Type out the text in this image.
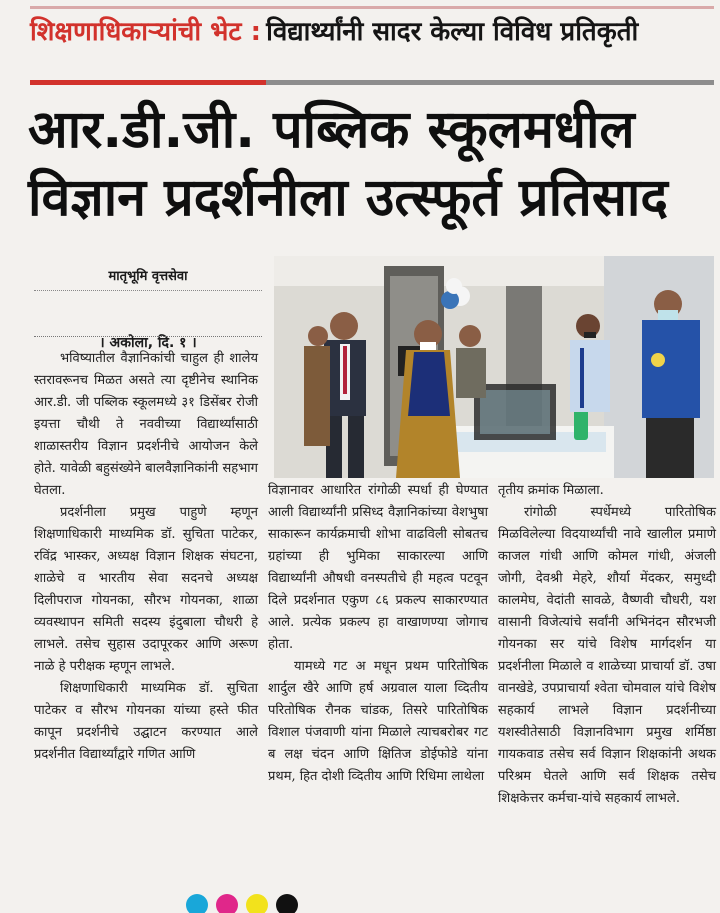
शिक्षणाधिकाऱ्यांची भेट : विद्यार्थ्यांनी सादर केल्या विविध प्रतिकृती
आर.डी.जी. पब्लिक स्कूलमधील
विज्ञान प्रदर्शनीला उत्स्फूर्त प्रतिसाद
मातृभूमि वृत्तसेवा
। अकोला, दि. १ ।

भविष्यातील वैज्ञानिकांची चाहुल ही शालेय स्तरावरूनच मिळत असते त्या दृष्टीनेच स्थानिक आर.डी. जी पब्लिक स्कूलमध्ये ३१ डिसेंबर रोजी इयत्ता चौथी ते नववीच्या विद्यार्थ्यांसाठी शाळास्तरीय विज्ञान प्रदर्शनीचे आयोजन केले होते. यावेळी बहुसंख्येने बालवैज्ञानिकांनी सहभाग घेतला.

प्रदर्शनीला प्रमुख पाहुणे म्हणून शिक्षणाधिकारी माध्यमिक डॉ. सुचिता पाटेकर, रविंद्र भास्कर, अध्यक्ष विज्ञान शिक्षक संघटना, शाळेचे व भारतीय सेवा सदनचे अध्यक्ष दिलीपराज गोयनका, सौरभ गोयनका, शाळा व्यवस्थापन समिती सदस्य इंदुबाला चौधरी हे लाभले. तसेच सुहास उदापूरकर आणि अरूण नाळे हे परीक्षक म्हणून लाभले.

शिक्षणाधिकारी माध्यमिक डॉ. सुचिता पाटेकर व सौरभ गोयनका यांच्या हस्ते फीत कापून प्रदर्शनीचे उद्घाटन करण्यात आले प्रदर्शनीत विद्यार्थ्यांद्वारे गणित आणि

विज्ञानावर आधारित रांगोळी स्पर्धा ही घेण्यात आली विद्यार्थ्यांनी प्रसिध्द वैज्ञानिकांच्या वेशभुषा साकारून कार्यक्रमाची शोभा वाढविली सोबतच ग्रहांच्या ही भुमिका साकारल्या आणि विद्यार्थ्यांनी औषधी वनस्पतीचे ही महत्व पटवून दिले प्रदर्शनात एकुण ८६ प्रकल्प साकारण्यात आले. प्रत्येक प्रकल्प हा वाखाणण्या जोगाच होता.

यामध्ये गट अ मधून प्रथम पारितोषिक शार्दुल खैरे आणि हर्ष अग्रवाल याला व्दितीय परितोषिक रौनक चांडक, तिसरे पारितोषिक विशाल पंजवाणी यांना मिळाले त्याचबरोबर गट ब लक्ष चंदन आणि क्षितिज डोईफोडे यांना प्रथम, हित दोशी व्दितीय आणि रिधिमा लाथेला

तृतीय क्रमांक मिळाला.

रांगोळी स्पर्धेमध्ये पारितोषिक मिळविलेल्या विदयार्थ्यांची नावे खालील प्रमाणे काजल गांधी आणि कोमल गांधी, अंजली जोगी, देवश्री मेहरे, शौर्या मेंदकर, समुध्दी कालमेघ, वेदांती सावळे, वैष्णवी चौधरी, यश वासानी विजेत्यांचे सर्वांनी अभिनंदन सौरभजी गोयनका सर यांचे विशेष मार्गदर्शन या प्रदर्शनीला मिळाले व शाळेच्या प्राचार्या डॉ. उषा वानखेडे, उपप्राचार्या श्वेता चोमवाल यांचे विशेष सहकार्य लाभले विज्ञान प्रदर्शनीच्या यशस्वीतेसाठी विज्ञानविभाग प्रमुख शर्मिष्ठा गायकवाड तसेच सर्व विज्ञान शिक्षकांनी अथक परिश्रम घेतले आणि सर्व शिक्षक तसेच शिक्षकेत्तर कर्मचा-यांचे सहकार्य लाभले.
